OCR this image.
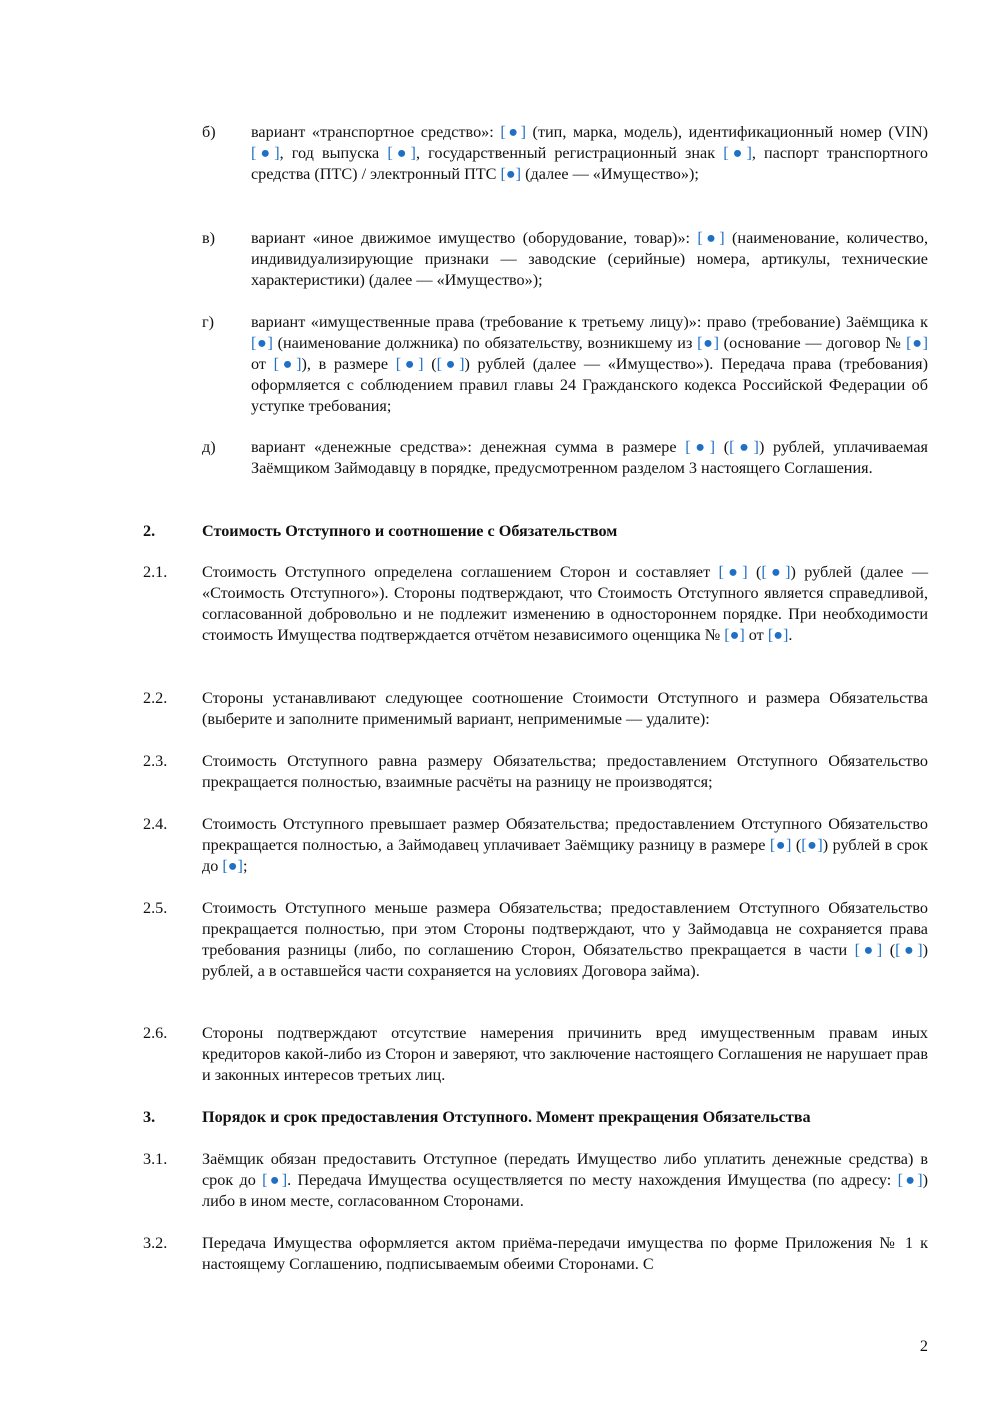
б) вариант «транспортное средство»: [●] (тип, марка, модель), идентификационный номер (VIN) [●], год выпуска [●], государственный регистрационный знак [●], паспорт транспортного средства (ПТС) / электронный ПТС [●] (далее — «Имущество»);
в) вариант «иное движимое имущество (оборудование, товар)»: [●] (наименование, количество, индивидуализирующие признаки — заводские (серийные) номера, артикулы, технические характеристики) (далее — «Имущество»);
г) вариант «имущественные права (требование к третьему лицу)»: право (требование) Заёмщика к [●] (наименование должника) по обязательству, возникшему из [●] (основание — договор № [●] от [●]), в размере [●] ([●]) рублей (далее — «Имущество»). Передача права (требования) оформляется с соблюдением правил главы 24 Гражданского кодекса Российской Федерации об уступке требования;
д) вариант «денежные средства»: денежная сумма в размере [●] ([●]) рублей, уплачиваемая Заёмщиком Займодавцу в порядке, предусмотренном разделом 3 настоящего Соглашения.
2.	Стоимость Отступного и соотношение с Обязательством
2.1. Стоимость Отступного определена соглашением Сторон и составляет [●] ([●]) рублей (далее — «Стоимость Отступного»). Стороны подтверждают, что Стоимость Отступного является справедливой, согласованной добровольно и не подлежит изменению в одностороннем порядке. При необходимости стоимость Имущества подтверждается отчётом независимого оценщика № [●] от [●].
2.2. Стороны устанавливают следующее соотношение Стоимости Отступного и размера Обязательства (выберите и заполните применимый вариант, неприменимые — удалите):
2.3. Стоимость Отступного равна размеру Обязательства; предоставлением Отступного Обязательство прекращается полностью, взаимные расчёты на разницу не производятся;
2.4. Стоимость Отступного превышает размер Обязательства; предоставлением Отступного Обязательство прекращается полностью, а Займодавец уплачивает Заёмщику разницу в размере [●] ([●]) рублей в срок до [●];
2.5. Стоимость Отступного меньше размера Обязательства; предоставлением Отступного Обязательство прекращается полностью, при этом Стороны подтверждают, что у Займодавца не сохраняется права требования разницы (либо, по соглашению Сторон, Обязательство прекращается в части [●] ([●]) рублей, а в оставшейся части сохраняется на условиях Договора займа).
2.6. Стороны подтверждают отсутствие намерения причинить вред имущественным правам иных кредиторов какой-либо из Сторон и заверяют, что заключение настоящего Соглашения не нарушает прав и законных интересов третьих лиц.
3.	Порядок и срок предоставления Отступного. Момент прекращения Обязательства
3.1. Заёмщик обязан предоставить Отступное (передать Имущество либо уплатить денежные средства) в срок до [●]. Передача Имущества осуществляется по месту нахождения Имущества (по адресу: [●]) либо в ином месте, согласованном Сторонами.
3.2. Передача Имущества оформляется актом приёма-передачи имущества по форме Приложения № 1 к настоящему Соглашению, подписываемым обеими Сторонами. С
2
